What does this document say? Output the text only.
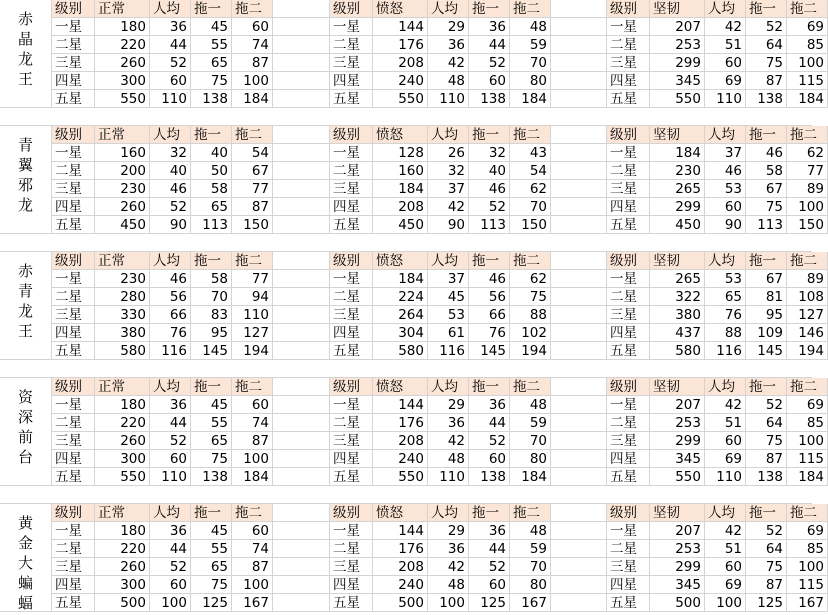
赤
晶
龙
王
级别	正常	人均	拖一	拖二
一星	180	36	45	60
二星	220	44	55	74
三星	260	52	65	87
四星	300	60	75	100
五星	550	110	138	184
级别	愤怒	人均	拖一	拖二
一星	144	29	36	48
二星	176	36	44	59
三星	208	42	52	70
四星	240	48	60	80
五星	550	110	138	184
级别	坚韧	人均	拖一	拖二
一星	207	42	52	69
二星	253	51	64	85
三星	299	60	75	100
四星	345	69	87	115
五星	550	110	138	184
青
翼
邪
龙
级别	正常	人均	拖一	拖二
一星	160	32	40	54
二星	200	40	50	67
三星	230	46	58	77
四星	260	52	65	87
五星	450	90	113	150
级别	愤怒	人均	拖一	拖二
一星	128	26	32	43
二星	160	32	40	54
三星	184	37	46	62
四星	208	42	52	70
五星	450	90	113	150
级别	坚韧	人均	拖一	拖二
一星	184	37	46	62
二星	230	46	58	77
三星	265	53	67	89
四星	299	60	75	100
五星	450	90	113	150
赤
青
龙
王
级别	正常	人均	拖一	拖二
一星	230	46	58	77
二星	280	56	70	94
三星	330	66	83	110
四星	380	76	95	127
五星	580	116	145	194
级别	愤怒	人均	拖一	拖二
一星	184	37	46	62
二星	224	45	56	75
三星	264	53	66	88
四星	304	61	76	102
五星	580	116	145	194
级别	坚韧	人均	拖一	拖二
一星	265	53	67	89
二星	322	65	81	108
三星	380	76	95	127
四星	437	88	109	146
五星	580	116	145	194
资
深
前
台
级别	正常	人均	拖一	拖二
一星	180	36	45	60
二星	220	44	55	74
三星	260	52	65	87
四星	300	60	75	100
五星	550	110	138	184
级别	愤怒	人均	拖一	拖二
一星	144	29	36	48
二星	176	36	44	59
三星	208	42	52	70
四星	240	48	60	80
五星	550	110	138	184
级别	坚韧	人均	拖一	拖二
一星	207	42	52	69
二星	253	51	64	85
三星	299	60	75	100
四星	345	69	87	115
五星	550	110	138	184
黄
金
大
蝙
蝠
级别	正常	人均	拖一	拖二
一星	180	36	45	60
二星	220	44	55	74
三星	260	52	65	87
四星	300	60	75	100
五星	500	100	125	167
级别	愤怒	人均	拖一	拖二
一星	144	29	36	48
二星	176	36	44	59
三星	208	42	52	70
四星	240	48	60	80
五星	500	100	125	167
级别	坚韧	人均	拖一	拖二
一星	207	42	52	69
二星	253	51	64	85
三星	299	60	75	100
四星	345	69	87	115
五星	500	100	125	167
